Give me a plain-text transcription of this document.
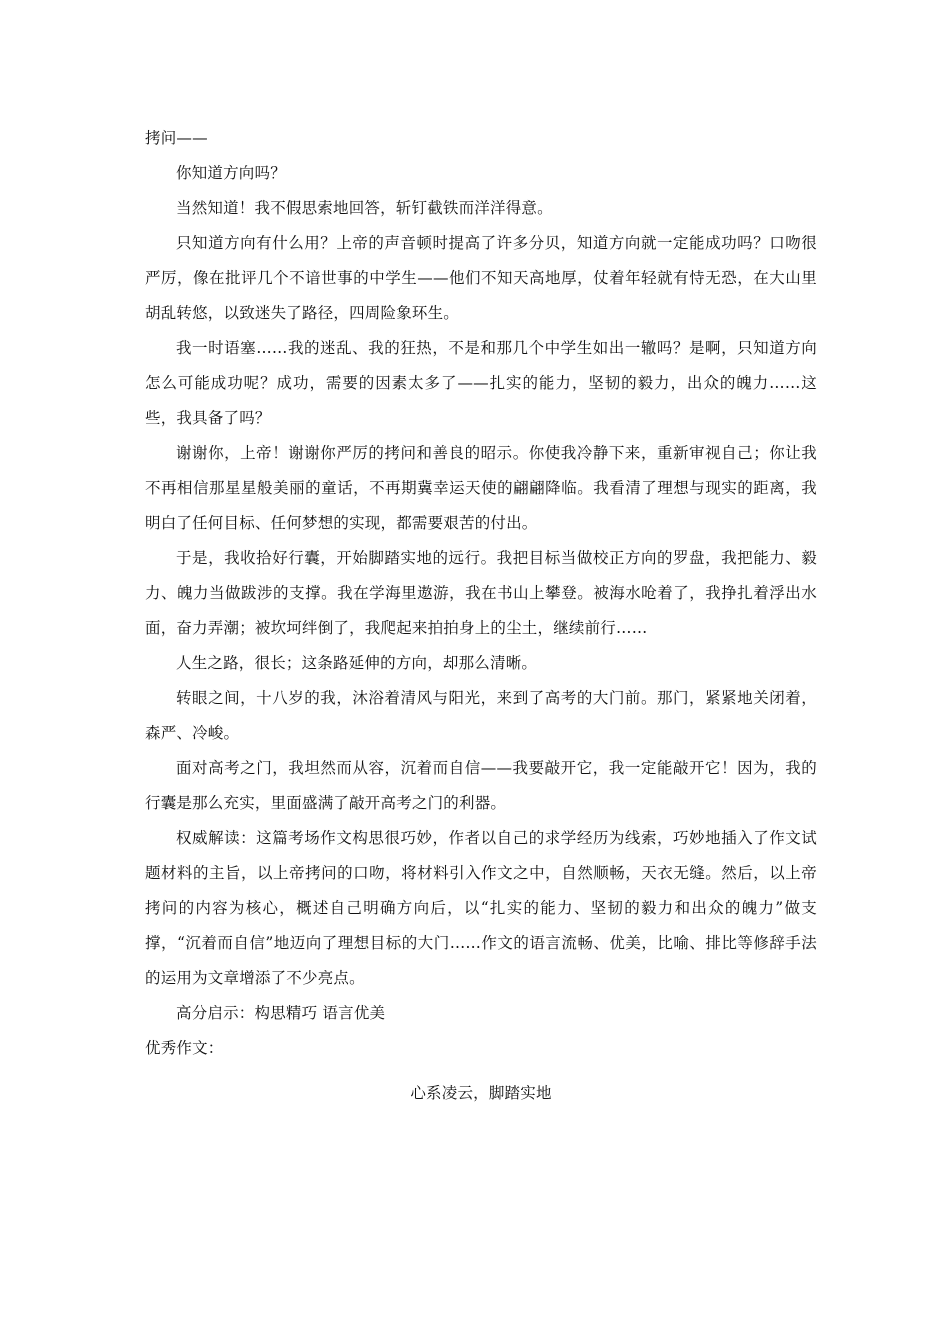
拷问——

你知道方向吗？

当然知道！我不假思索地回答，斩钉截铁而洋洋得意。

只知道方向有什么用？上帝的声音顿时提高了许多分贝，知道方向就一定能成功吗？口吻很严厉，像在批评几个不谙世事的中学生——他们不知天高地厚，仗着年轻就有恃无恐，在大山里胡乱转悠，以致迷失了路径，四周险象环生。

我一时语塞……我的迷乱、我的狂热，不是和那几个中学生如出一辙吗？是啊，只知道方向怎么可能成功呢？成功，需要的因素太多了——扎实的能力，坚韧的毅力，出众的魄力……这些，我具备了吗？

谢谢你，上帝！谢谢你严厉的拷问和善良的昭示。你使我冷静下来，重新审视自己；你让我不再相信那星星般美丽的童话，不再期冀幸运天使的翩翩降临。我看清了理想与现实的距离，我明白了任何目标、任何梦想的实现，都需要艰苦的付出。

于是，我收拾好行囊，开始脚踏实地的远行。我把目标当做校正方向的罗盘，我把能力、毅力、魄力当做跋涉的支撑。我在学海里遨游，我在书山上攀登。被海水呛着了，我挣扎着浮出水面，奋力弄潮；被坎坷绊倒了，我爬起来拍拍身上的尘土，继续前行……

人生之路，很长；这条路延伸的方向，却那么清晰。

转眼之间，十八岁的我，沐浴着清风与阳光，来到了高考的大门前。那门，紧紧地关闭着，森严、冷峻。

面对高考之门，我坦然而从容，沉着而自信——我要敲开它，我一定能敲开它！因为，我的行囊是那么充实，里面盛满了敲开高考之门的利器。

权威解读：这篇考场作文构思很巧妙，作者以自己的求学经历为线索，巧妙地插入了作文试题材料的主旨，以上帝拷问的口吻，将材料引入作文之中，自然顺畅，天衣无缝。然后，以上帝拷问的内容为核心，概述自己明确方向后，以“扎实的能力、坚韧的毅力和出众的魄力”做支撑，“沉着而自信”地迈向了理想目标的大门……作文的语言流畅、优美，比喻、排比等修辞手法的运用为文章增添了不少亮点。

高分启示：构思精巧 语言优美

优秀作文：

心系凌云，脚踏实地
